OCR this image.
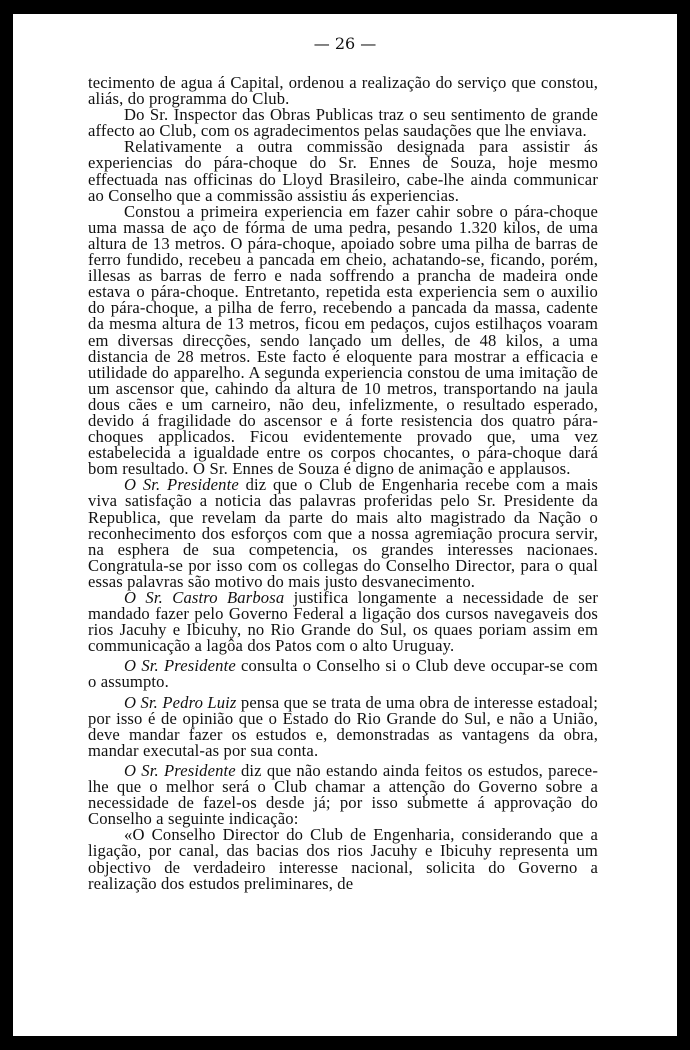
— 26 —

tecimento de agua á Capital, ordenou a realização do serviço que constou, aliás, do programma do Club.

Do Sr. Inspector das Obras Publicas traz o seu sentimento de grande affecto ao Club, com os agradecimentos pelas saudações que lhe enviava.

Relativamente a outra commissão designada para assistir ás experiencias do pára-choque do Sr. Ennes de Souza, hoje mesmo effectuada nas officinas do Lloyd Brasileiro, cabe-lhe ainda communicar ao Conselho que a commissão assistiu ás experiencias.

Constou a primeira experiencia em fazer cahir sobre o pára-choque uma massa de aço de fórma de uma pedra, pesando 1.320 kilos, de uma altura de 13 metros. O pára-choque, apoiado sobre uma pilha de barras de ferro fundido, recebeu a pancada em cheio, achatando-se, ficando, porém, illesas as barras de ferro e nada soffrendo a prancha de madeira onde estava o pára-choque. Entretanto, repetida esta experiencia sem o auxilio do pára-choque, a pilha de ferro, recebendo a pancada da massa, cadente da mesma altura de 13 metros, ficou em pedaços, cujos estilhaços voaram em diversas direcções, sendo lançado um delles, de 48 kilos, a uma distancia de 28 metros. Este facto é eloquente para mostrar a efficacia e utilidade do apparelho. A segunda experiencia constou de uma imitação de um ascensor que, cahindo da altura de 10 metros, transportando na jaula dous cães e um carneiro, não deu, infelizmente, o resultado esperado, devido á fragilidade do ascensor e á forte resistencia dos quatro pára-choques applicados. Ficou evidentemente provado que, uma vez estabelecida a igualdade entre os corpos chocantes, o pára-choque dará bom resultado. O Sr. Ennes de Souza é digno de animação e applausos.

O Sr. Presidente diz que o Club de Engenharia recebe com a mais viva satisfação a noticia das palavras proferidas pelo Sr. Presidente da Republica, que revelam da parte do mais alto magistrado da Nação o reconhecimento dos esforços com que a nossa agremiação procura servir, na esphera de sua competencia, os grandes interesses nacionaes. Congratula-se por isso com os collegas do Conselho Director, para o qual essas palavras são motivo do mais justo desvanecimento.

O Sr. Castro Barbosa justifica longamente a necessidade de ser mandado fazer pelo Governo Federal a ligação dos cursos navegaveis dos rios Jacuhy e Ibicuhy, no Rio Grande do Sul, os quaes poriam assim em communicação a lagôa dos Patos com o alto Uruguay.

O Sr. Presidente consulta o Conselho si o Club deve occupar-se com o assumpto.

O Sr. Pedro Luiz pensa que se trata de uma obra de interesse estadoal; por isso é de opinião que o Estado do Rio Grande do Sul, e não a União, deve mandar fazer os estudos e, demonstradas as vantagens da obra, mandar executal-as por sua conta.

O Sr. Presidente diz que não estando ainda feitos os estudos, parece-lhe que o melhor será o Club chamar a attenção do Governo sobre a necessidade de fazel-os desde já; por isso submette á approvação do Conselho a seguinte indicação:

«O Conselho Director do Club de Engenharia, considerando que a ligação, por canal, das bacias dos rios Jacuhy e Ibicuhy representa um objectivo de verdadeiro interesse nacional, solicita do Governo a realização dos estudos preliminares, de
